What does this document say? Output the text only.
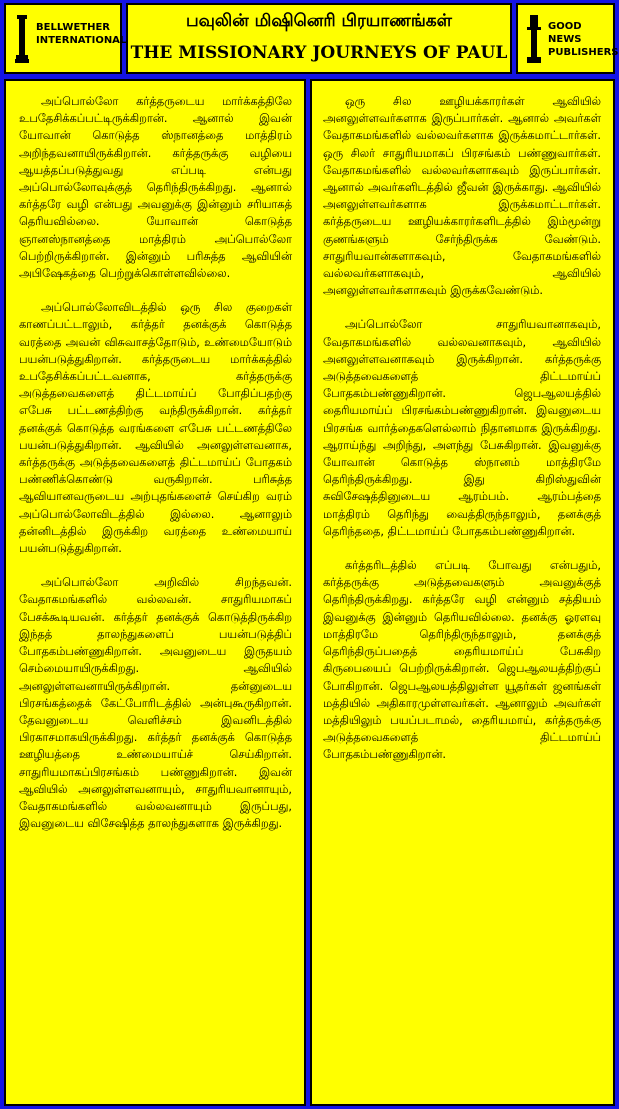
BELLWETHER INTERNATIONAL
பவுலின் மிஷினெரி பிரயாணங்கள்
THE MISSIONARY JOURNEYS OF PAUL
GOOD NEWS PUBLISHERS

அப்பொல்லோ கர்த்தருடைய மார்க்கத்திலே உபதேசிக்கப்பட்டிருக்கிறான். ஆனால் இவன் யோவான் கொடுத்த ஸ்நானத்தை மாத்திரம் அறிந்தவனாயிருக்கிறான். கர்த்தருக்கு வழியை ஆயத்தப்படுத்துவது எப்படி என்பது அப்பொல்லோவுக்குத் தெரிந்திருக்கிறது. ஆனால் கர்த்தரே வழி என்பது அவனுக்கு இன்னும் சரியாகத் தெரியவில்லை. யோவான் கொடுத்த ஞானஸ்நானத்தை மாத்திரம் அப்பொல்லோ பெற்றிருக்கிறான். இன்னும் பரிசுத்த ஆவியின் அபிஷேகத்தை பெற்றுக்கொள்ளவில்லை.

அப்பொல்லோவிடத்தில் ஒரு சில குறைகள் காணப்பட்டாலும், கர்த்தர் தனக்குக் கொடுத்த வரத்தை அவன் விசுவாசத்தோடும், உண்மையோடும் பயன்படுத்துகிறான். கர்த்தருடைய மார்க்கத்தில் உபதேசிக்கப்பட்டவனாக, கர்த்தருக்கு அடுத்தவைகளைத் திட்டமாய்ப் போதிப்பதற்கு எபேசு பட்டணத்திற்கு வந்திருக்கிறான். கர்த்தர் தனக்குக் கொடுத்த வரங்களை எபேசு பட்டணத்திலே பயன்படுத்துகிறான். ஆவியில் அனலுள்ளவனாக, கர்த்தருக்கு அடுத்தவைகளைத் திட்டமாய்ப் போதகம் பண்ணிக்கொண்டு வருகிறான். பரிசுத்த ஆவியானவருடைய அற்புதங்களைச் செய்கிற வரம் அப்பொல்லோவிடத்தில் இல்லை. ஆனாலும் தன்னிடத்தில் இருக்கிற வரத்தை உண்மையாய் பயன்படுத்துகிறான்.

அப்பொல்லோ அறிவில் சிறந்தவன். வேதாகமங்களில் வல்லவன். சாதுரியமாகப் பேசக்கூடியவன். கர்த்தர் தனக்குக் கொடுத்திருக்கிற இந்தத் தாலந்துகளைப் பயன்படுத்திப் போதகம்பண்ணுகிறான். அவனுடைய இருதயம் செம்மையாயிருக்கிறது. ஆவியில் அனலுள்ளவனாயிருக்கிறான். தன்னுடைய பிரசங்கத்தைக் கேட்போரிடத்தில் அன்புகூருகிறான். தேவனுடைய வெளிச்சம் இவனிடத்தில் பிரகாசமாகயிருக்கிறது. கர்த்தர் தனக்குக் கொடுத்த ஊழியத்தை உண்மையாய்ச் செய்கிறான். சாதுரியமாகப்பிரசங்கம் பண்ணுகிறான். இவன் ஆவியில் அனலுள்ளவனாயும், சாதுரியவானாயும், வேதாகமங்களில் வல்லவனாயும் இருப்பது, இவனுடைய விசேஷித்த தாலந்துகளாக இருக்கிறது.

ஒரு சில ஊழியக்காரர்கள் ஆவியில் அனலுள்ளவர்களாக இருப்பார்கள். ஆனால் அவர்கள் வேதாகமங்களில் வல்லவர்களாக இருக்கமாட்டார்கள். ஒரு சிலர் சாதுரியமாகப் பிரசங்கம் பண்ணுவார்கள். வேதாகமங்களில் வல்லவர்களாகவும் இருப்பார்கள். ஆனால் அவர்களிடத்தில் ஜீவன் இருக்காது. ஆவியில் அனலுள்ளவர்களாக இருக்கமாட்டார்கள். கர்த்தருடைய ஊழியக்காரர்களிடத்தில் இம்மூன்று குணங்களும் சேர்ந்திருக்க வேண்டும். சாதுரியவான்களாகவும், வேதாகமங்களில் வல்லவர்களாகவும், ஆவியில் அனலுள்ளவர்களாகவும் இருக்கவேண்டும்.

அப்பொல்லோ சாதுரியவானாகவும், வேதாகமங்களில் வல்லவனாகவும், ஆவியில் அனலுள்ளவனாகவும் இருக்கிறான். கர்த்தருக்கு அடுத்தவைகளைத் திட்டமாய்ப் போதகம்பண்ணுகிறான். ஜெபஆலயத்தில் தைரியமாய்ப் பிரசங்கம்பண்ணுகிறான். இவனுடைய பிரசங்க வார்த்தைகளெல்லாம் நிதானமாக இருக்கிறது. ஆராய்ந்து அறிந்து, அளந்து பேசுகிறான். இவனுக்கு யோவான் கொடுத்த ஸ்நானம் மாத்திரமே தெரிந்திருக்கிறது. இது கிறிஸ்துவின் சுவிசேஷத்தினுடைய ஆரம்பம். ஆரம்பத்தை மாத்திரம் தெரிந்து வைத்திருந்தாலும், தனக்குத் தெரிந்ததை, திட்டமாய்ப் போதகம்பண்ணுகிறான்.

கர்த்தரிடத்தில் எப்படி போவது என்பதும், கர்த்தருக்கு அடுத்தவைகளும் அவனுக்குத் தெரிந்திருக்கிறது. கர்த்தரே வழி என்னும் சத்தியம் இவனுக்கு இன்னும் தெரியவில்லை. தனக்கு ஓரளவு மாத்திரமே தெரிந்திருந்தாலும், தனக்குத் தெரிந்திருப்பதைத் தைரியமாய்ப் பேசுகிற கிருபையைப் பெற்றிருக்கிறான். ஜெபஆலயத்திற்குப் போகிறான். ஜெபஆலயத்திலுள்ள யூதர்கள் ஜனங்கள் மத்தியில் அதிகாரமுள்ளவர்கள். ஆனாலும் அவர்கள் மத்தியிலும் பயப்படாமல், தைரியமாய், கர்த்தருக்கு அடுத்தவைகளைத் திட்டமாய்ப் போதகம்பண்ணுகிறான்.
